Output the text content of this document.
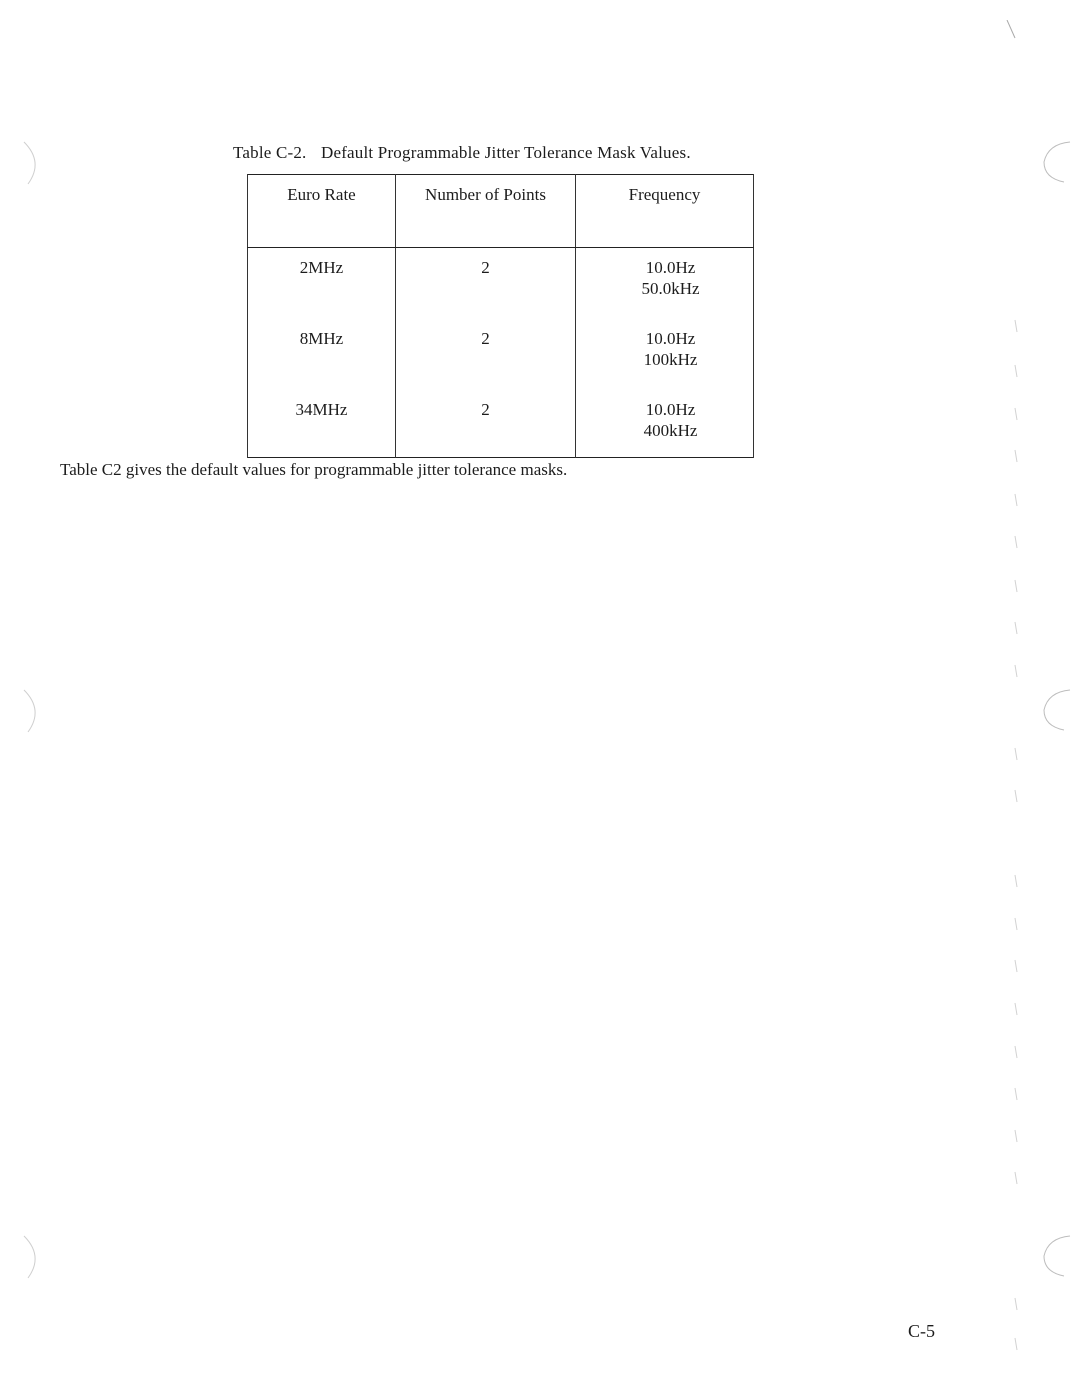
Table C-2. Default Programmable Jitter Tolerance Mask Values.
Euro Rate	Number of Points	Frequency
2MHz	2	10.0Hz
50.0kHz

8MHz	2	10.0Hz
100kHz

34MHz	2	10.0Hz
400kHz
Table C2 gives the default values for programmable jitter tolerance masks.
C-5
